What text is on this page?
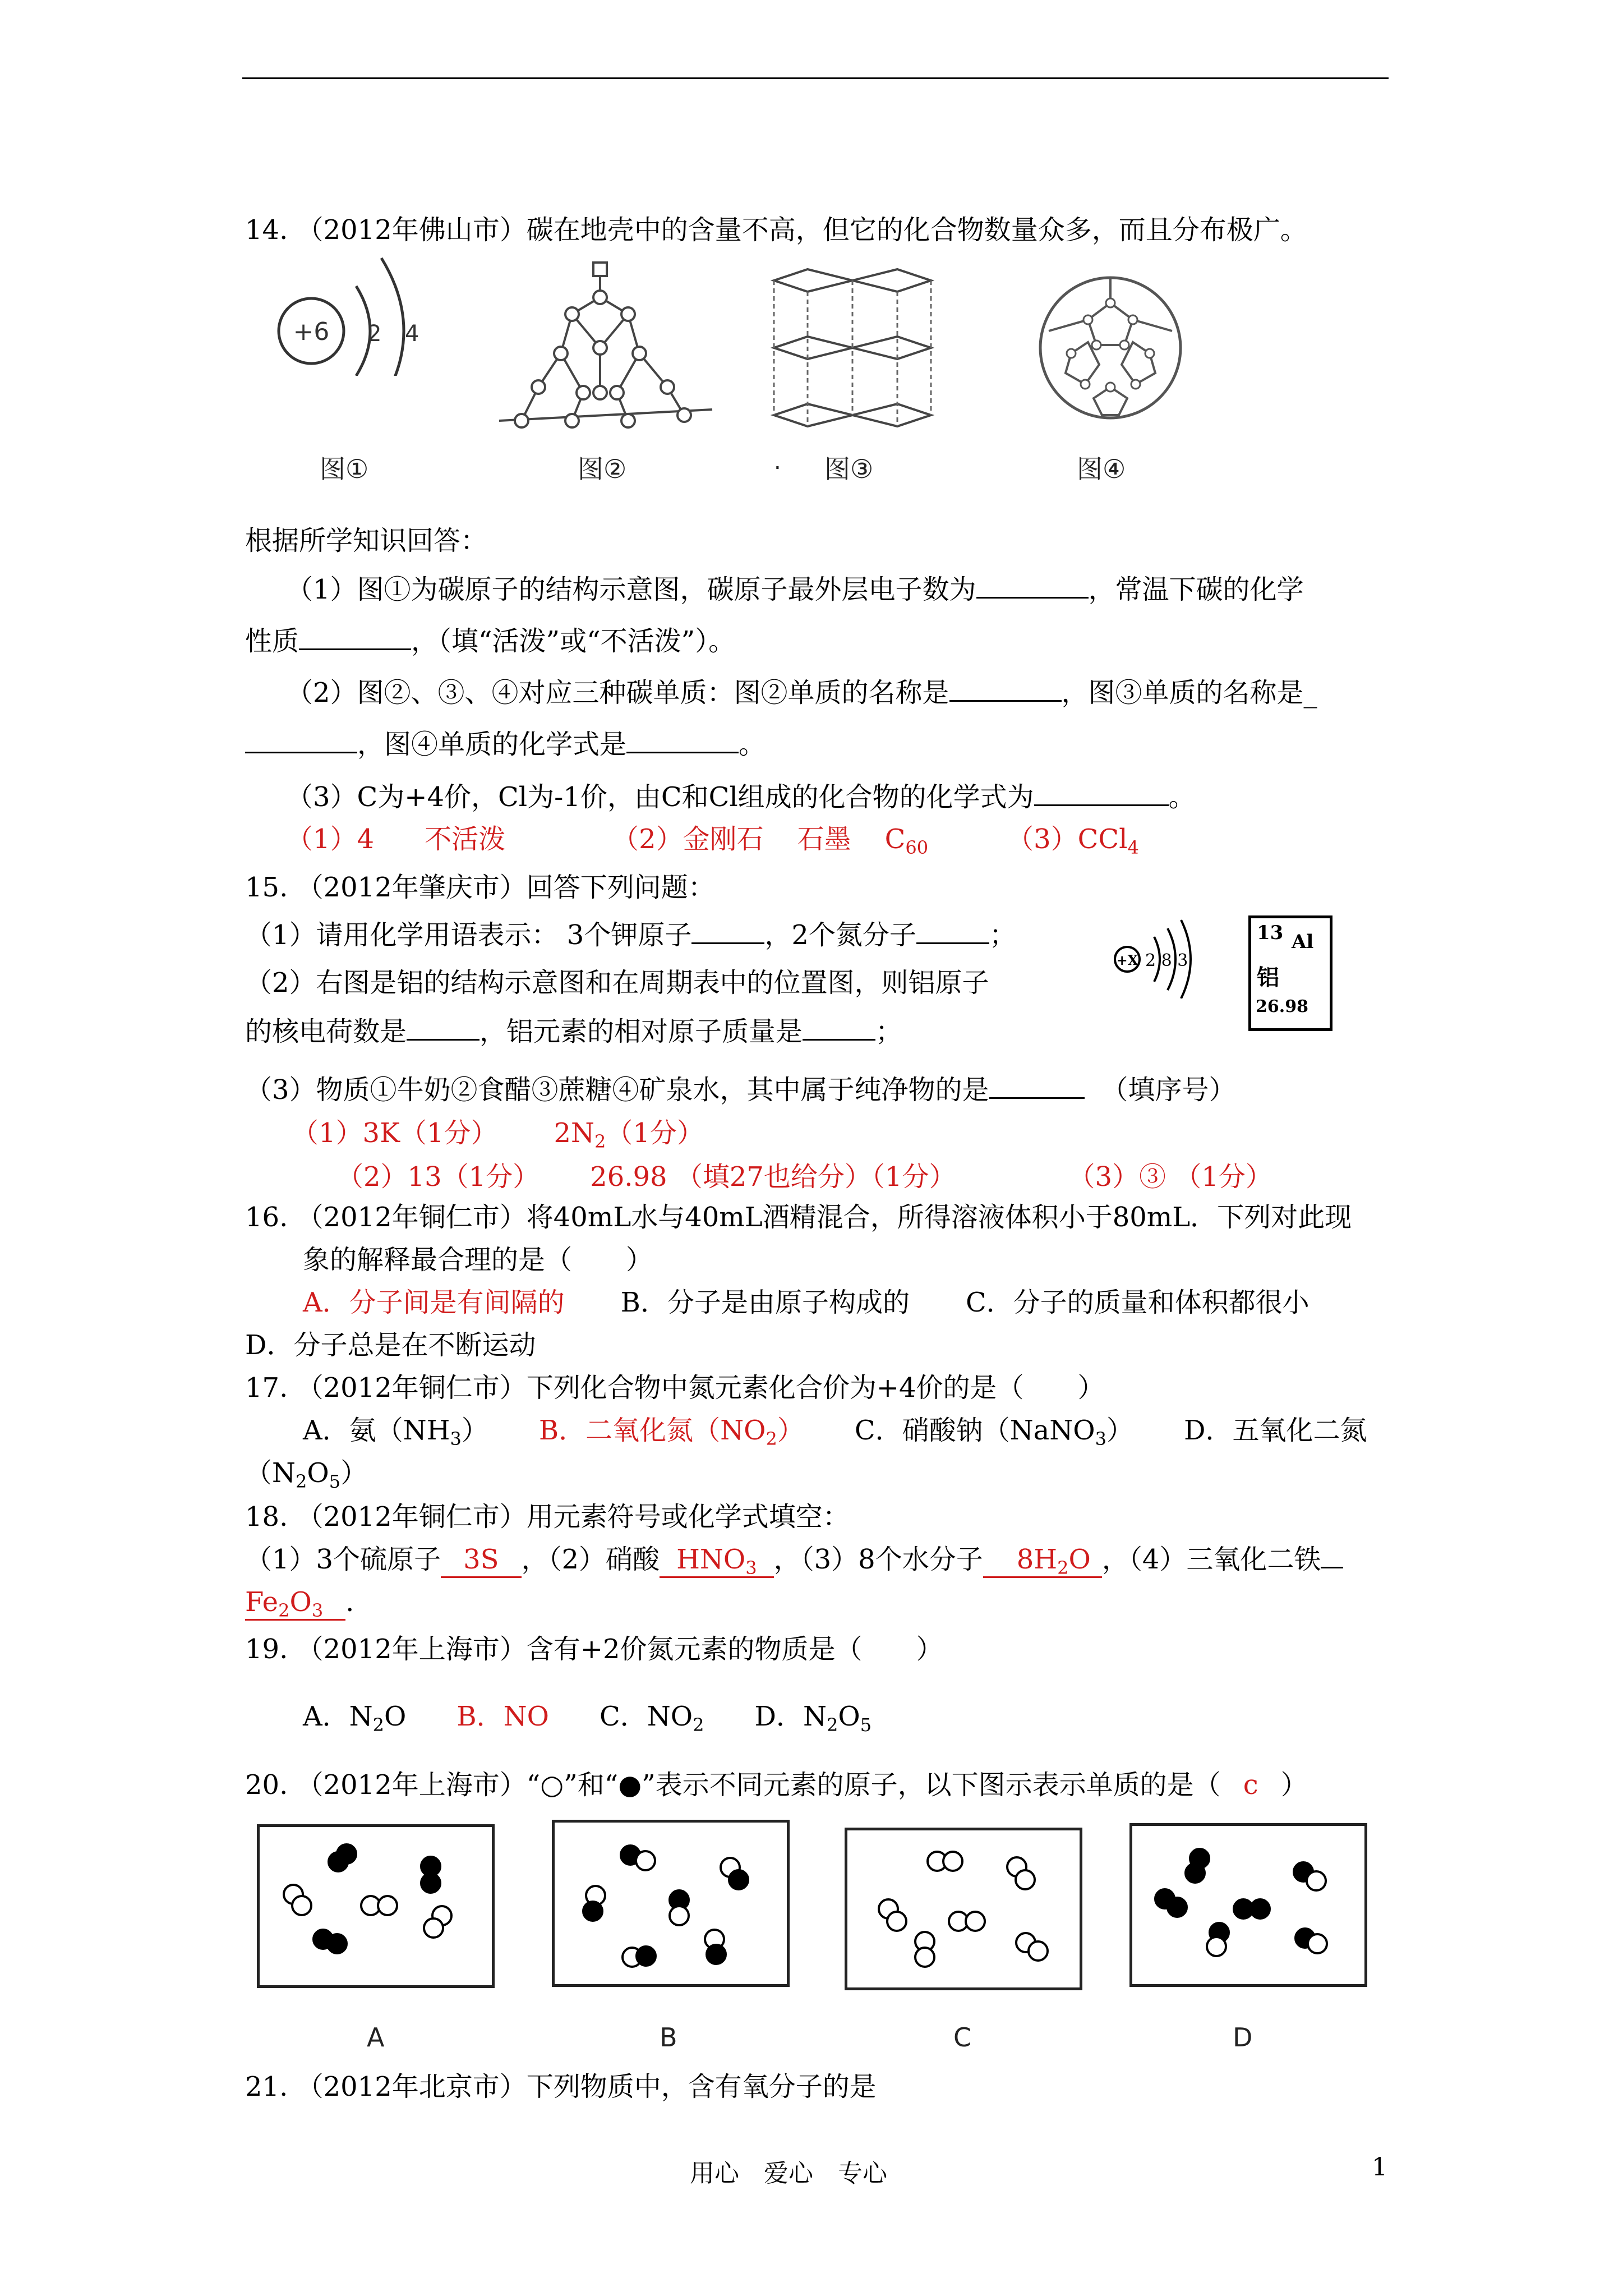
14. （2012年佛山市）碳在地壳中的含量不高，但它的化合物数量众多，而且分布极广。
+6 2 4
图①	图②	. 图③	图④
根据所学知识回答：
（1）图①为碳原子的结构示意图，碳原子最外层电子数为	，常温下碳的化学
性质	，（填“活泼”或“不活泼”）。
（2）图②、③、④对应三种碳单质：图②单质的名称是	，图③单质的名称是_
，图④单质的化学式是	。
（3）C为+4价，Cl为-1价，由C和Cl组成的化合物的化学式为	。
（1）4 不活泼	（2）金刚石 石墨 $C_{60}$	（3）CCl$_4$
15. （2012年肇庆市）回答下列问题：
（1）请用化学用语表示： 3个钾原子	，2个氮分子	；
（2）右图是铝的结构示意图和在周期表中的位置图，则铝原子
的核电荷数是	，铝元素的相对原子质量是	；
+X 2 8 3
13 Al
铝
26.98
（3）物质①牛奶②食醋③蔗糖④矿泉水，其中属于纯净物的是	（填序号）
（1）3K（1分） $2N_2(1$分）
（2）13（1分） 26.98 （填27也给分）（1分）	（3）③ （1分）
16. （2012年铜仁市）将40mL水与40mL酒精混合，所得溶液体积小于80mL．下列对此现
象的解释最合理的是（　　）
A．分子间是有间隔的 B．分子是由原子构成的 C．分子的质量和体积都很小
D．分子总是在不断运动
17. （2012年铜仁市）下列化合物中氮元素化合价为+4价的是（　　）
A．氨$(NH_3)$ B．二氧化氮$(NO_2)$ C．硝酸钠（NaNO$_3$） D．五氧化二氮
$(N_2O_5)$
18. （2012年铜仁市）用元素符号或化学式填空：
（1）3个硫原子 3S ，（2）硝酸 $HNO_3$ ，（3）8个水分子 $8H_2O$ ，（4）三氧化二铁
$Fe_2O_3$ .
19. （2012年上海市）含有+2价氮元素的物质是（　　）
A．$N_2O$ B．NO C．$NO_2$ D．$N_2O_5$
20. （2012年上海市）“○”和“●”表示不同元素的原子，以下图示表示单质的是（ c ）
A	B	C	D
21. （2012年北京市）下列物质中，含有氧分子的是
用心　爱心　专心	1
